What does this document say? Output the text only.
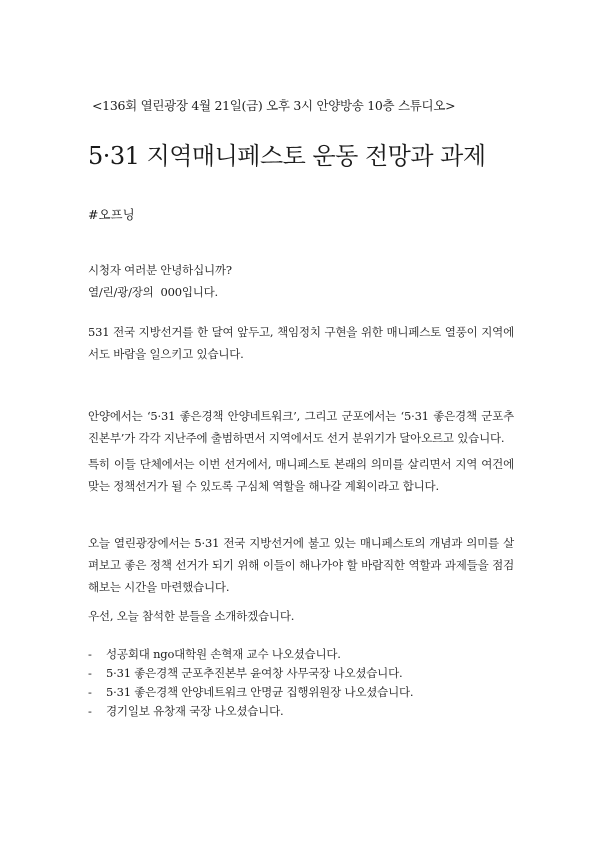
<136회 열린광장 4월 21일(금) 오후 3시 안양방송 10층 스튜디오>
5·31 지역매니페스토 운동 전망과 과제
#오프닝

시청자 여러분 안녕하십니까?
열/린/광/장의  000입니다.

531 전국 지방선거를 한 달여 앞두고, 책임정치 구현을 위한 매니페스토 열풍이 지역에서도 바람을 일으키고 있습니다.

안양에서는 ‘5·31 좋은경책 안양네트워크’, 그리고 군포에서는 ‘5·31 좋은경책 군포추진본부’가 각각 지난주에 출범하면서 지역에서도 선거 분위기가 달아오르고 있습니다.

특히 이들 단체에서는 이번 선거에서, 매니페스토 본래의 의미를 살리면서 지역 여건에 맞는 정책선거가 될 수 있도록 구심체 역할을 해나갈 계획이라고 합니다.

오늘 열린광장에서는 5·31 전국 지방선거에 불고 있는 매니페스토의 개념과 의미를 살펴보고 좋은 정책 선거가 되기 위해 이들이 해나가야 할 바람직한 역할과 과제들을 점검해보는 시간을 마련했습니다.

우선, 오늘 참석한 분들을 소개하겠습니다.

- 성공회대 ngo대학원 손혁재 교수 나오셨습니다.
- 5·31 좋은경책 군포추진본부 윤여창 사무국장 나오셨습니다.
- 5·31 좋은경책 안양네트워크 안명균 집행위원장 나오셨습니다.
- 경기일보 유창재 국장 나오셨습니다.
